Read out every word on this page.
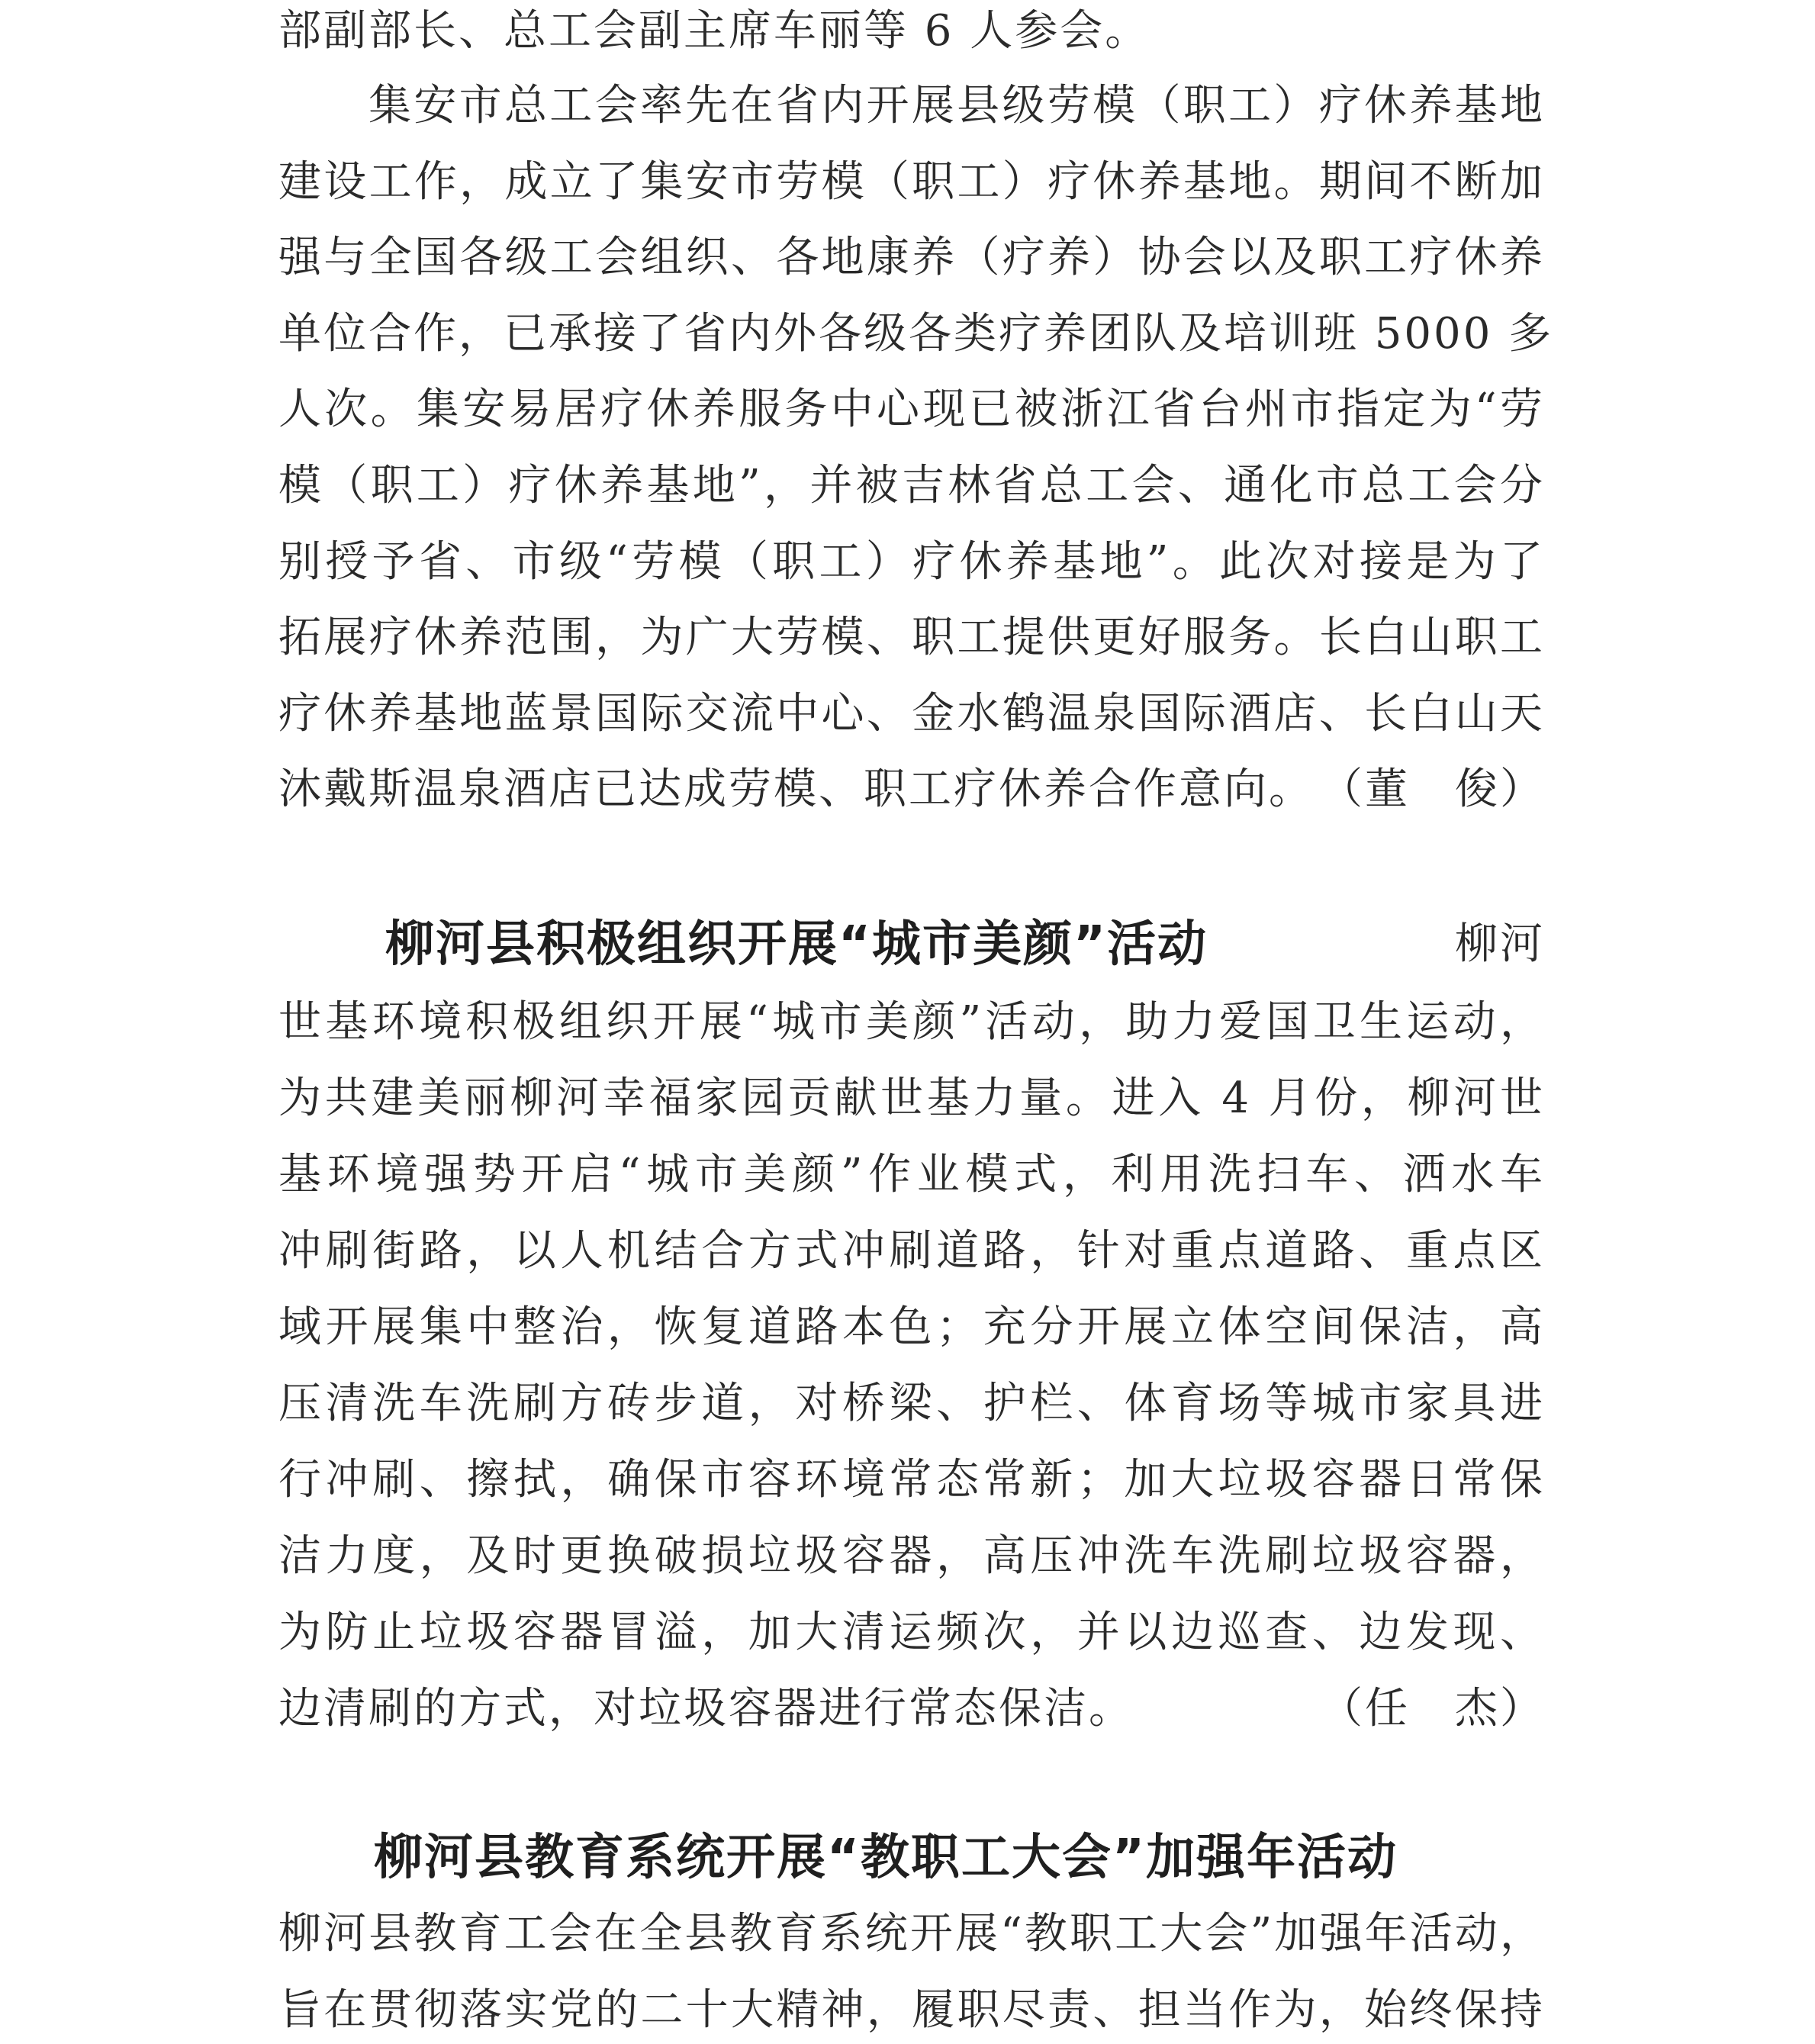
部副部长、总工会副主席车丽等 6 人参会。
集安市总工会率先在省内开展县级劳模（职工）疗休养基地
建设工作，成立了集安市劳模（职工）疗休养基地。期间不断加
强与全国各级工会组织、各地康养（疗养）协会以及职工疗休养
单位合作，已承接了省内外各级各类疗养团队及培训班 5000 多
人次。集安易居疗休养服务中心现已被浙江省台州市指定为“劳
模（职工）疗休养基地”，并被吉林省总工会、通化市总工会分
别授予省、市级“劳模（职工）疗休养基地”。此次对接是为了
拓展疗休养范围，为广大劳模、职工提供更好服务。长白山职工
疗休养基地蓝景国际交流中心、金水鹤温泉国际酒店、长白山天
沐戴斯温泉酒店已达成劳模、职工疗休养合作意向。 （董　俊）
柳河县积极组织开展“城市美颜”活动	柳河
世基环境积极组织开展“城市美颜”活动，助力爱国卫生运动，
为共建美丽柳河幸福家园贡献世基力量。进入 4 月份，柳河世
基环境强势开启“城市美颜”作业模式，利用洗扫车、洒水车
冲刷街路，以人机结合方式冲刷道路，针对重点道路、重点区
域开展集中整治，恢复道路本色；充分开展立体空间保洁，高
压清洗车洗刷方砖步道，对桥梁、护栏、体育场等城市家具进
行冲刷、擦拭，确保市容环境常态常新；加大垃圾容器日常保
洁力度，及时更换破损垃圾容器，高压冲洗车洗刷垃圾容器，
为防止垃圾容器冒溢，加大清运频次，并以边巡查、边发现、
边清刷的方式，对垃圾容器进行常态保洁。	（任　杰）
柳河县教育系统开展“教职工大会”加强年活动
柳河县教育工会在全县教育系统开展“教职工大会”加强年活动，
旨在贯彻落实党的二十大精神，履职尽责、担当作为，始终保持
